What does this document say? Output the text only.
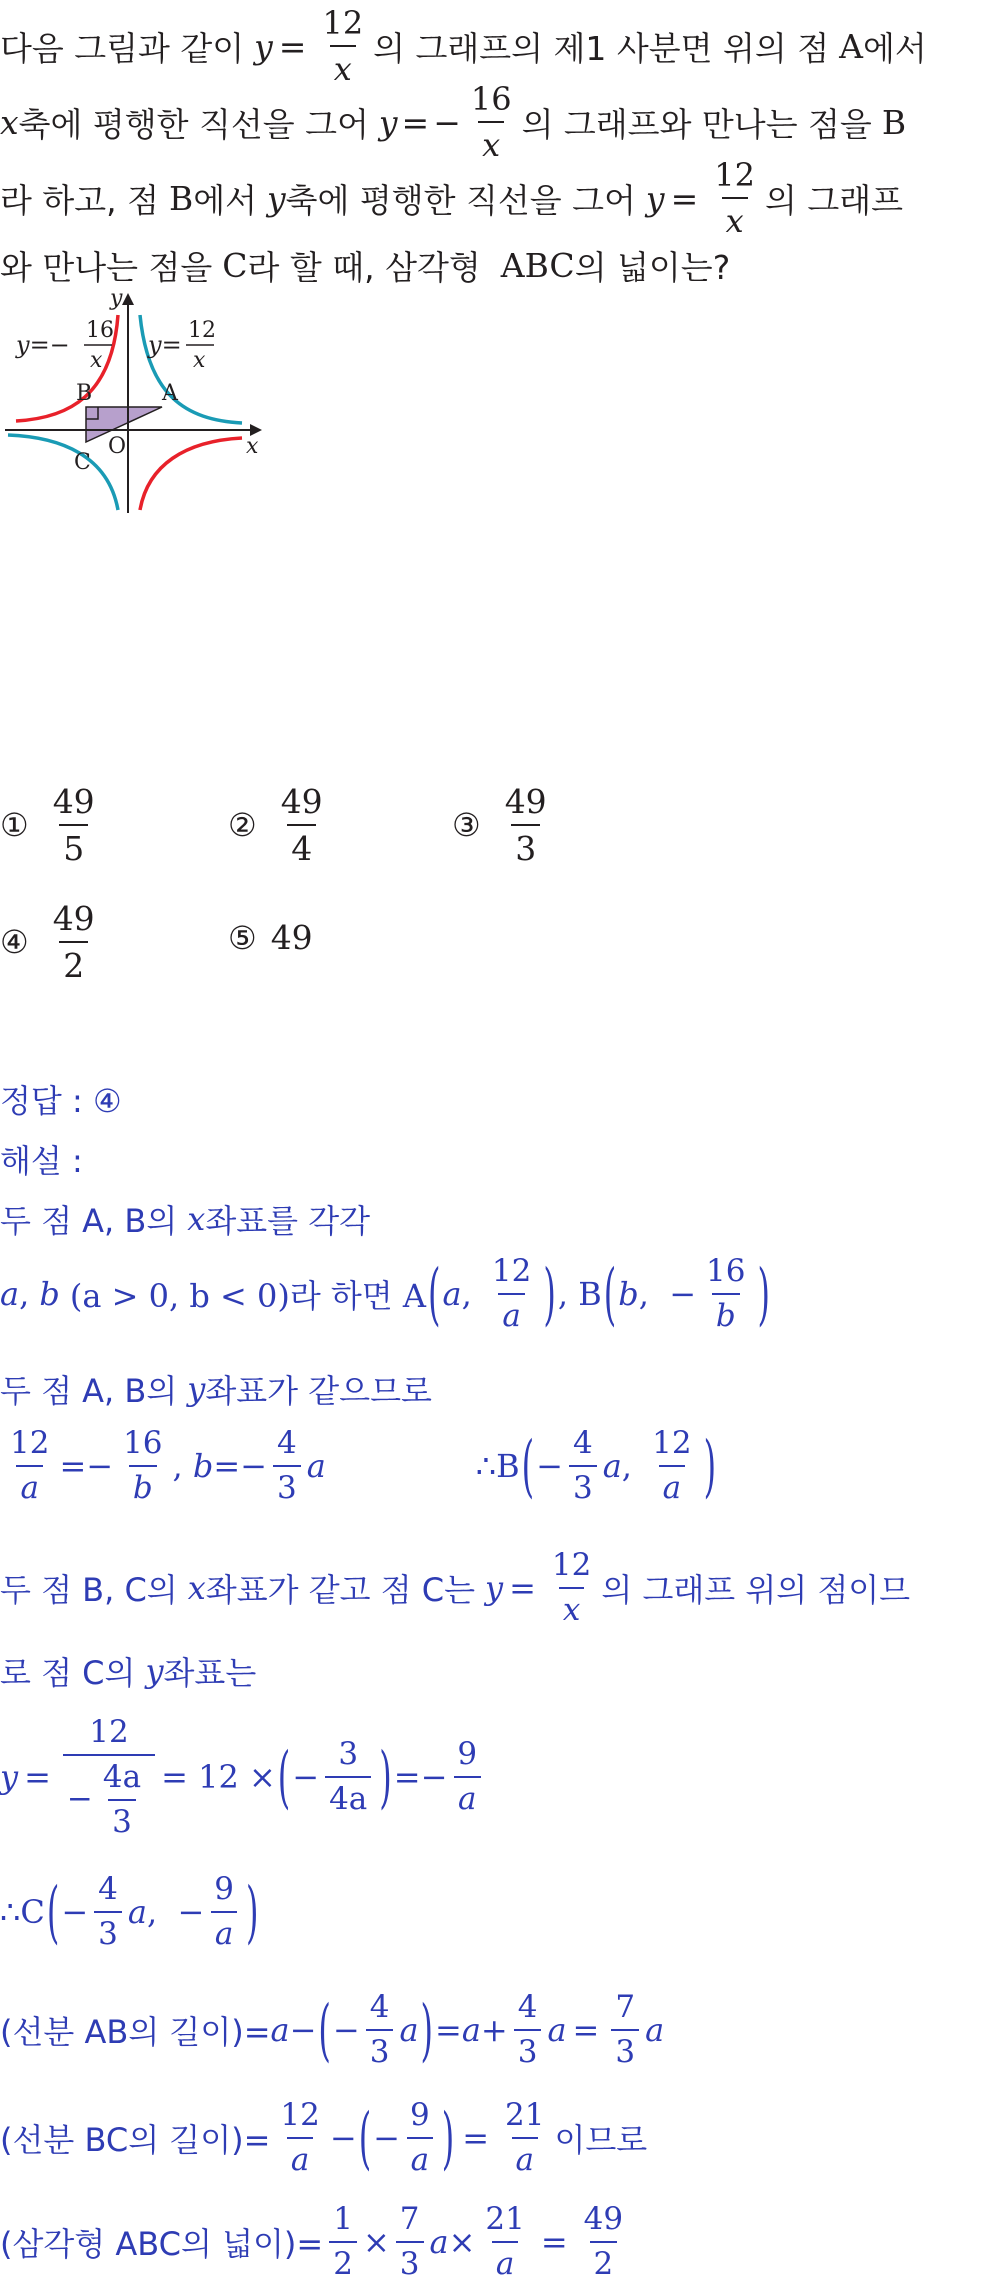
다음 그림과 같이 $y = \frac{12}{x}$ 의 그래프의 제1 사분면 위의 점 A 에서
x 축에 평행한 직선을 그어 y = − $\frac{16}{x}$ 의 그래프와 만나는 점을 B
라 하고, 점 B 에서 y 축에 평행한 직선을 그어 $y = \frac{12}{x}$ 의 그래프
와 만나는 점을 C 라 할 때, 삼각형 ABC 의 넓이는?
y
x
A
B
C
O
y=−
16
x
y=
12
x
① $\frac{49}{5}$	② $\frac{49}{4}$	③ $\frac{49}{3}$
④ $\frac{49}{2}$	⑤ 49
정답 : ④
해설 :
두 점 A, B의 x 좌표를 각각
a , b (a > 0, b < 0)라 하면 A ( a , $\frac{12}{a}$ ) , B ( b , − $\frac{16}{b}$ )
두 점 A, B의 y 좌표가 같으므로
$\frac{12}{a} =- \frac{16}{b}$ , $b =- \frac{4}{3}$ a	∴B ( − $\frac{4}{3}$ a , $\frac{12}{a}$ )
두 점 B, C의 x 좌표가 같고 점 C는 $y = \frac{12}{x}$ 의 그래프 위의 점이므
로 점 C의 y 좌표는
$y = \frac{12}{- \frac{4a}{3}} = 12$ × ( − $\frac{3}{4a}$ ) =− $\frac{9}{a}$
∴C ( − $\frac{4}{3}$ a , − $\frac{9}{a}$ )
(선분 AB의 길이)= a − ( − $\frac{4}{3}$ a ) = $a + \frac{4}{3}$ $a = \frac{7}{3}$ a
(선분 BC의 길이)= $\frac{12}{a}$ − ( − $\frac{9}{a}$ ) = $\frac{21}{a}$ 이므로
(삼각형 ABC의 넓이)= $\frac{1}{2} \times \frac{7}{3}$ $a \times \frac{21}{a} = \frac{49}{2}$
